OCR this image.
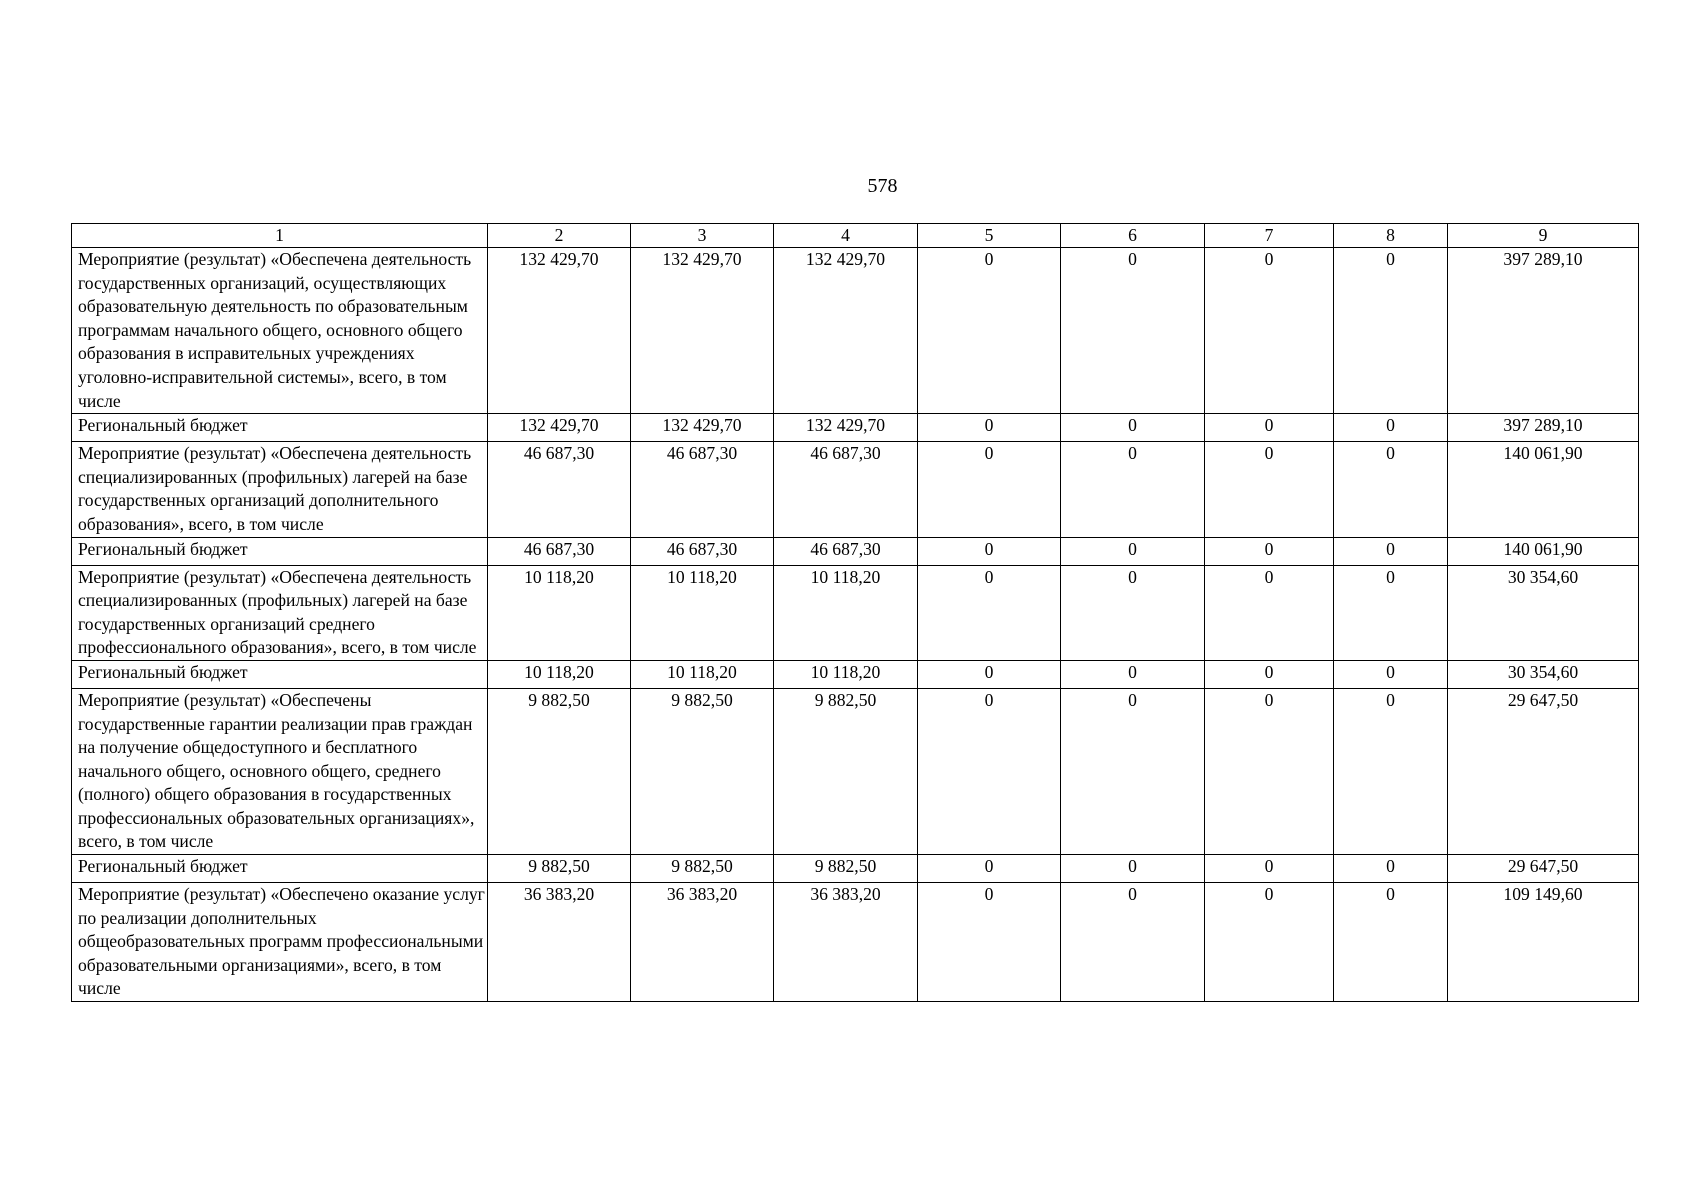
578
1	2	3	4	5	6	7	8	9
Мероприятие (результат) «Обеспечена деятельность государственных организаций, осуществляющих образовательную деятельность по образовательным программам начального общего, основного общего образования в исправительных учреждениях уголовно-исправительной системы», всего, в том числе	132 429,70	132 429,70	132 429,70	0	0	0	0	397 289,10
Региональный бюджет	132 429,70	132 429,70	132 429,70	0	0	0	0	397 289,10
Мероприятие (результат) «Обеспечена деятельность специализированных (профильных) лагерей на базе государственных организаций дополнительного образования», всего, в том числе	46 687,30	46 687,30	46 687,30	0	0	0	0	140 061,90
Региональный бюджет	46 687,30	46 687,30	46 687,30	0	0	0	0	140 061,90
Мероприятие (результат) «Обеспечена деятельность специализированных (профильных) лагерей на базе государственных организаций среднего профессионального образования», всего, в том числе	10 118,20	10 118,20	10 118,20	0	0	0	0	30 354,60
Региональный бюджет	10 118,20	10 118,20	10 118,20	0	0	0	0	30 354,60
Мероприятие (результат) «Обеспечены государственные гарантии реализации прав граждан на получение общедоступного и бесплатного начального общего, основного общего, среднего (полного) общего образования в государственных профессиональных образовательных организациях», всего, в том числе	9 882,50	9 882,50	9 882,50	0	0	0	0	29 647,50
Региональный бюджет	9 882,50	9 882,50	9 882,50	0	0	0	0	29 647,50
Мероприятие (результат) «Обеспечено оказание услуг по реализации дополнительных общеобразовательных программ профессиональными образовательными организациями», всего, в том числе	36 383,20	36 383,20	36 383,20	0	0	0	0	109 149,60
